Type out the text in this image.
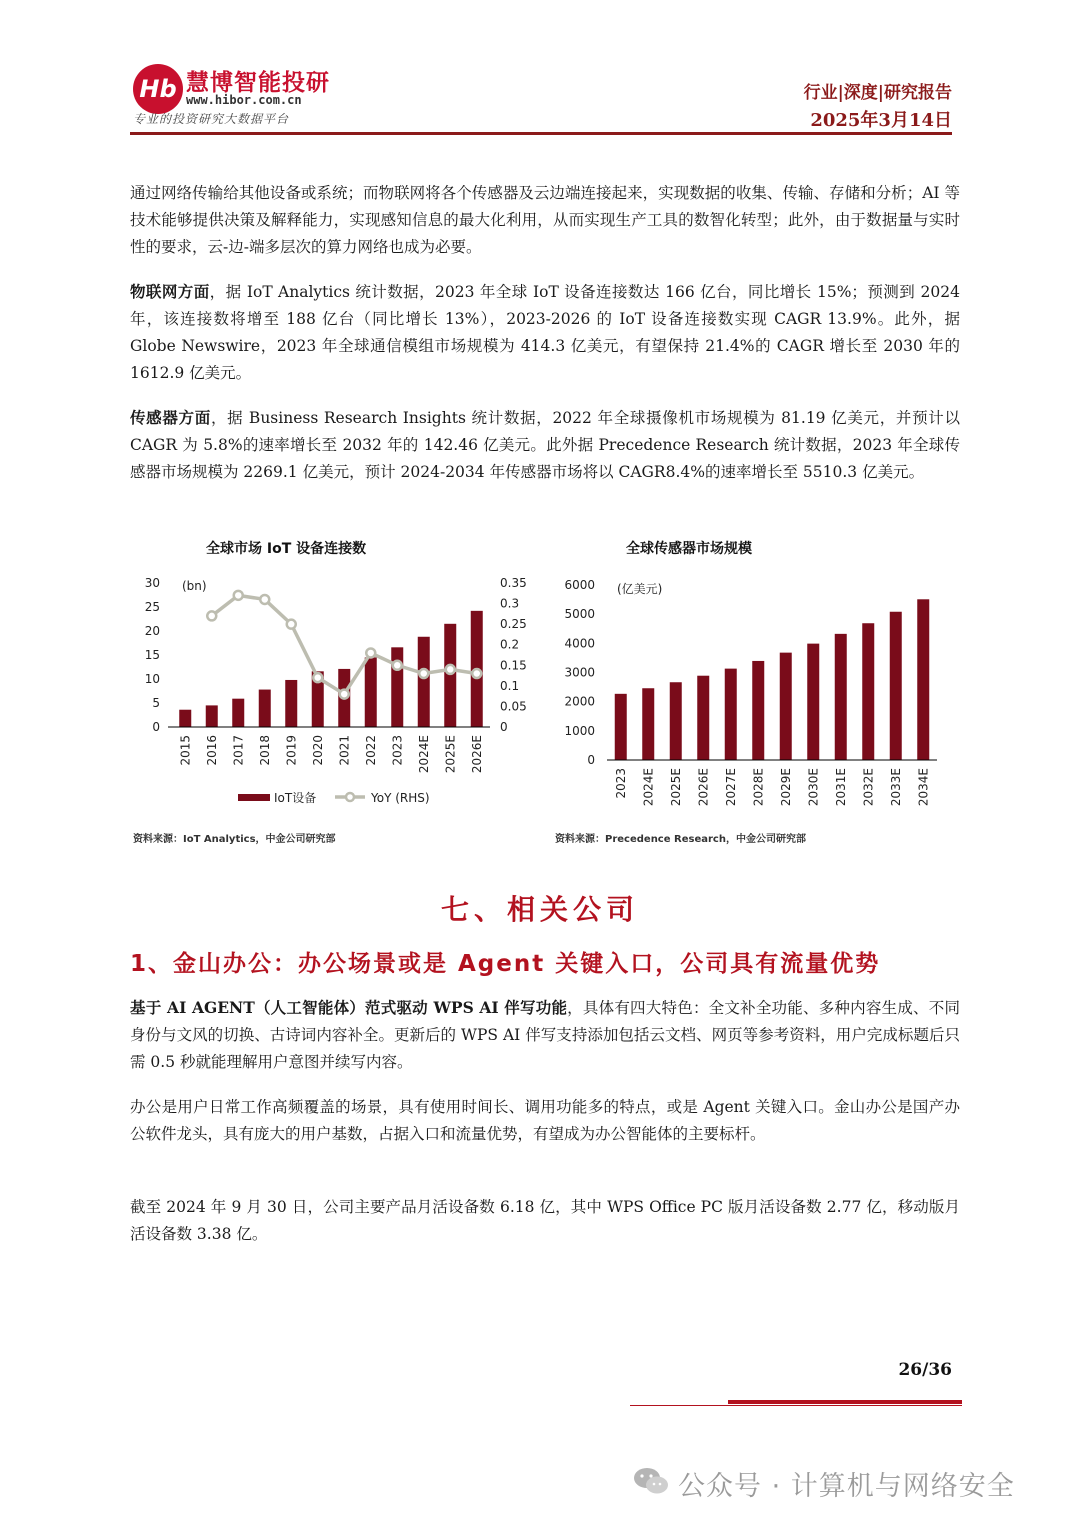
Hb 慧博智能投研
www.hibor.com.cn
专业的投资研究大数据平台
行业|深度|研究报告
2025年3月14日
通过网络传输给其他设备或系统；而物联网将各个传感器及云边端连接起来，实现数据的收集、传输、存储和分析；AI 等技术能够提供决策及解释能力，实现感知信息的最大化利用，从而实现生产工具的数智化转型；此外，由于数据量与实时性的要求，云-边-端多层次的算力网络也成为必要。
物联网方面，据 IoT Analytics 统计数据，2023 年全球 IoT 设备连接数达 166 亿台，同比增长 15%；预测到 2024 年，该连接数将增至 188 亿台（同比增长 13%），2023-2026 的 IoT 设备连接数实现 CAGR 13.9%。此外，据 Globe Newswire，2023 年全球通信模组市场规模为 414.3 亿美元，有望保持 21.4%的 CAGR 增长至 2030 年的 1612.9 亿美元。
传感器方面，据 Business Research Insights 统计数据，2022 年全球摄像机市场规模为 81.19 亿美元，并预计以 CAGR 为 5.8%的速率增长至 2032 年的 142.46 亿美元。此外据 Precedence Research 统计数据，2023 年全球传感器市场规模为 2269.1 亿美元，预计 2024-2034 年传感器市场将以 CAGR8.4%的速率增长至 5510.3 亿美元。
全球市场 IoT 设备连接数
(bn)
0
5
10
15
20
25
30
0
0.05
0.1
0.15
0.2
0.25
0.3
0.35
2015 2016 2017 2018 2019 2020 2021 2022 2023 2024E 2025E 2026E
IoT设备	YoY (RHS)
资料来源：IoT Analytics，中金公司研究部
全球传感器市场规模
(亿美元)
0
1000
2000
3000
4000
5000
6000
2023 2024E 2025E 2026E 2027E 2028E 2029E 2030E 2031E 2032E 2033E 2034E
资料来源：Precedence Research，中金公司研究部
七、相关公司
1、金山办公：办公场景或是 Agent 关键入口，公司具有流量优势
基于 AI AGENT（人工智能体）范式驱动 WPS AI 伴写功能，具体有四大特色：全文补全功能、多种内容生成、不同身份与文风的切换、古诗词内容补全。更新后的 WPS AI 伴写支持添加包括云文档、网页等参考资料，用户完成标题后只需 0.5 秒就能理解用户意图并续写内容。
办公是用户日常工作高频覆盖的场景，具有使用时间长、调用功能多的特点，或是 Agent 关键入口。金山办公是国产办公软件龙头，具有庞大的用户基数，占据入口和流量优势，有望成为办公智能体的主要标杆。
截至 2024 年 9 月 30 日，公司主要产品月活设备数 6.18 亿，其中 WPS Office PC 版月活设备数 2.77 亿，移动版月活设备数 3.38 亿。
26/36
公众号 · 计算机与网络安全
